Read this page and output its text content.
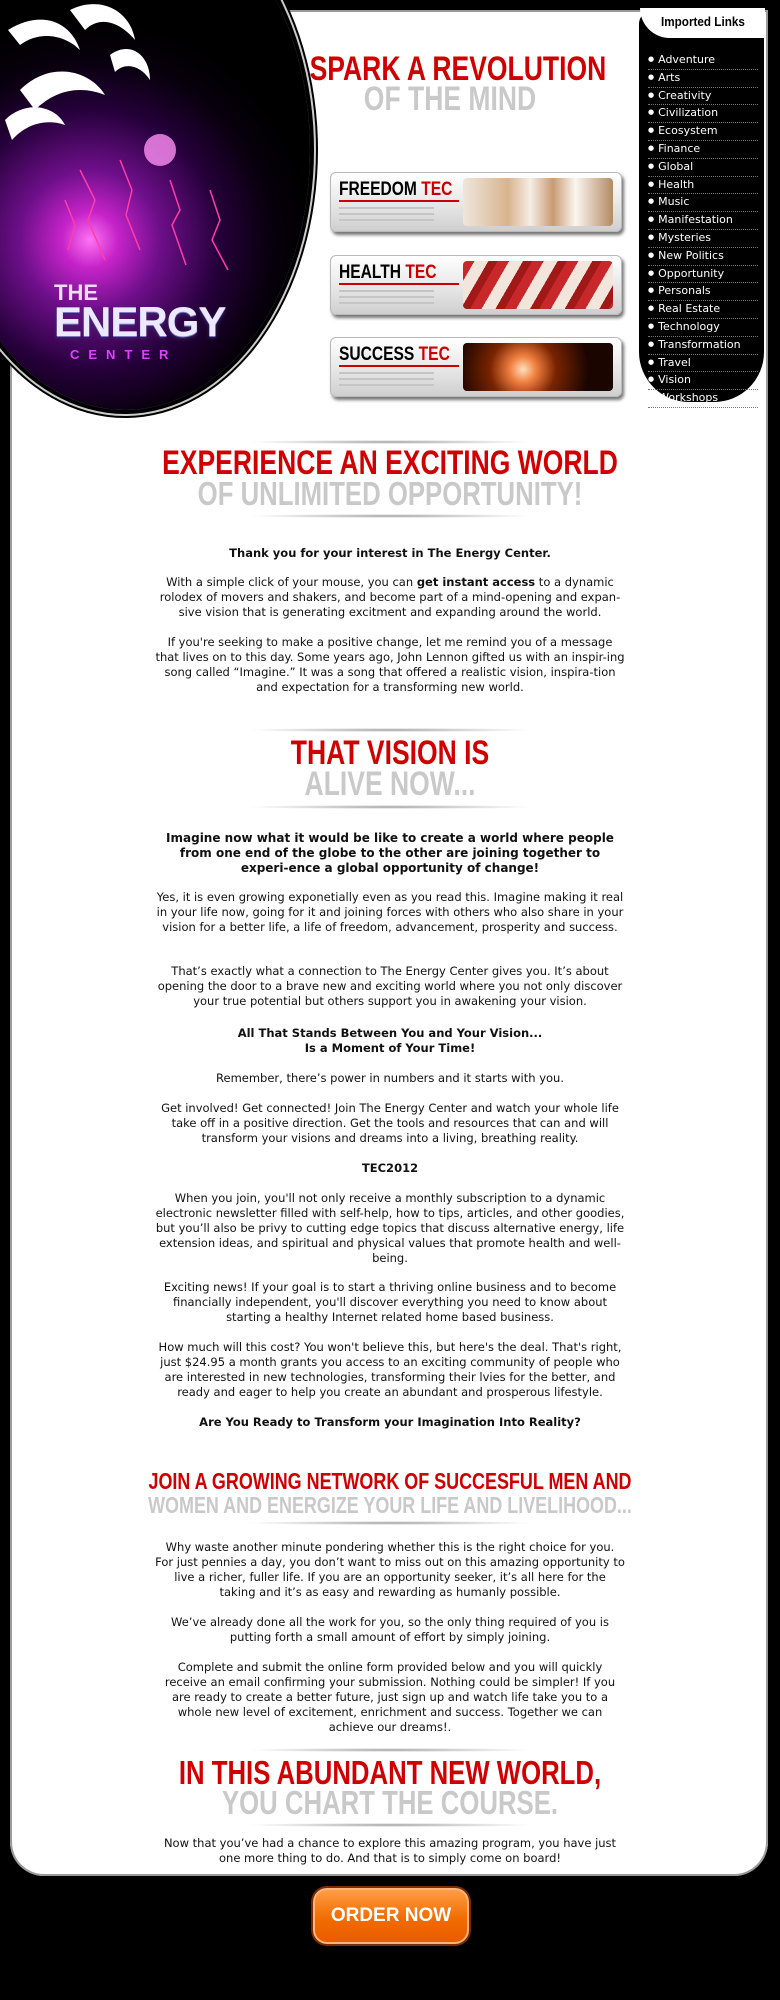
THE
ENERGY
CENTER
SPARK A REVOLUTION
OF THE MIND
FREEDOM TEC
HEALTH TEC
SUCCESS TEC
Imported Links
● Adventure
● Arts
● Creativity
● Civilization
● Ecosystem
● Finance
● Global
● Health
● Music
● Manifestation
● Mysteries
● New Politics
● Opportunity
● Personals
● Real Estate
● Technology
● Transformation
● Travel
● Vision
● Workshops
EXPERIENCE AN EXCITING WORLD
OF UNLIMITED OPPORTUNITY!

Thank you for your interest in The Energy Center.

With a simple click of your mouse, you can get instant access to a dynamic rolodex of movers and shakers, and become part of a mind-opening and expan-sive vision that is generating excitment and expanding around the world.

If you're seeking to make a positive change, let me remind you of a message that lives on to this day. Some years ago, John Lennon gifted us with an inspir-ing song called “Imagine.” It was a song that offered a realistic vision, inspira-tion and expectation for a transforming new world.

THAT VISION IS
ALIVE NOW...

Imagine now what it would be like to create a world where people from one end of the globe to the other are joining together to experi-ence a global opportunity of change!

Yes, it is even growing exponetially even as you read this. Imagine making it real in your life now, going for it and joining forces with others who also share in your vision for a better life, a life of freedom, advancement, prosperity and success.

That’s exactly what a connection to The Energy Center gives you. It’s about opening the door to a brave new and exciting world where you not only discover your true potential but others support you in awakening your vision.

All That Stands Between You and Your Vision...

Is a Moment of Your Time!

Remember, there’s power in numbers and it starts with you.

Get involved! Get connected! Join The Energy Center and watch your whole life take off in a positive direction. Get the tools and resources that can and will transform your visions and dreams into a living, breathing reality.

TEC2012

When you join, you'll not only receive a monthly subscription to a dynamic electronic newsletter filled with self-help, how to tips, articles, and other goodies, but you’ll also be privy to cutting edge topics that discuss alternative energy, life extension ideas, and spiritual and physical values that promote health and well-being.

Exciting news! If your goal is to start a thriving online business and to become financially independent, you'll discover everything you need to know about starting a healthy Internet related home based business.

How much will this cost? You won't believe this, but here's the deal. That's right, just $24.95 a month grants you access to an exciting community of people who are interested in new technologies, transforming their lvies for the better, and ready and eager to help you create an abundant and prosperous lifestyle.

Are You Ready to Transform your Imagination Into Reality?

JOIN A GROWING NETWORK OF SUCCESFUL MEN AND
WOMEN AND ENERGIZE YOUR LIFE AND LIVELIHOOD...

Why waste another minute pondering whether this is the right choice for you. For just pennies a day, you don’t want to miss out on this amazing opportunity to live a richer, fuller life. If you are an opportunity seeker, it’s all here for the taking and it’s as easy and rewarding as humanly possible.

We’ve already done all the work for you, so the only thing required of you is putting forth a small amount of effort by simply joining.

Complete and submit the online form provided below and you will quickly receive an email confirming your submission. Nothing could be simpler! If you are ready to create a better future, just sign up and watch life take you to a whole new level of excitement, enrichment and success. Together we can achieve our dreams!.

IN THIS ABUNDANT NEW WORLD,
YOU CHART THE COURSE.

Now that you’ve had a chance to explore this amazing program, you have just one more thing to do. And that is to simply come on board!

ORDER NOW
